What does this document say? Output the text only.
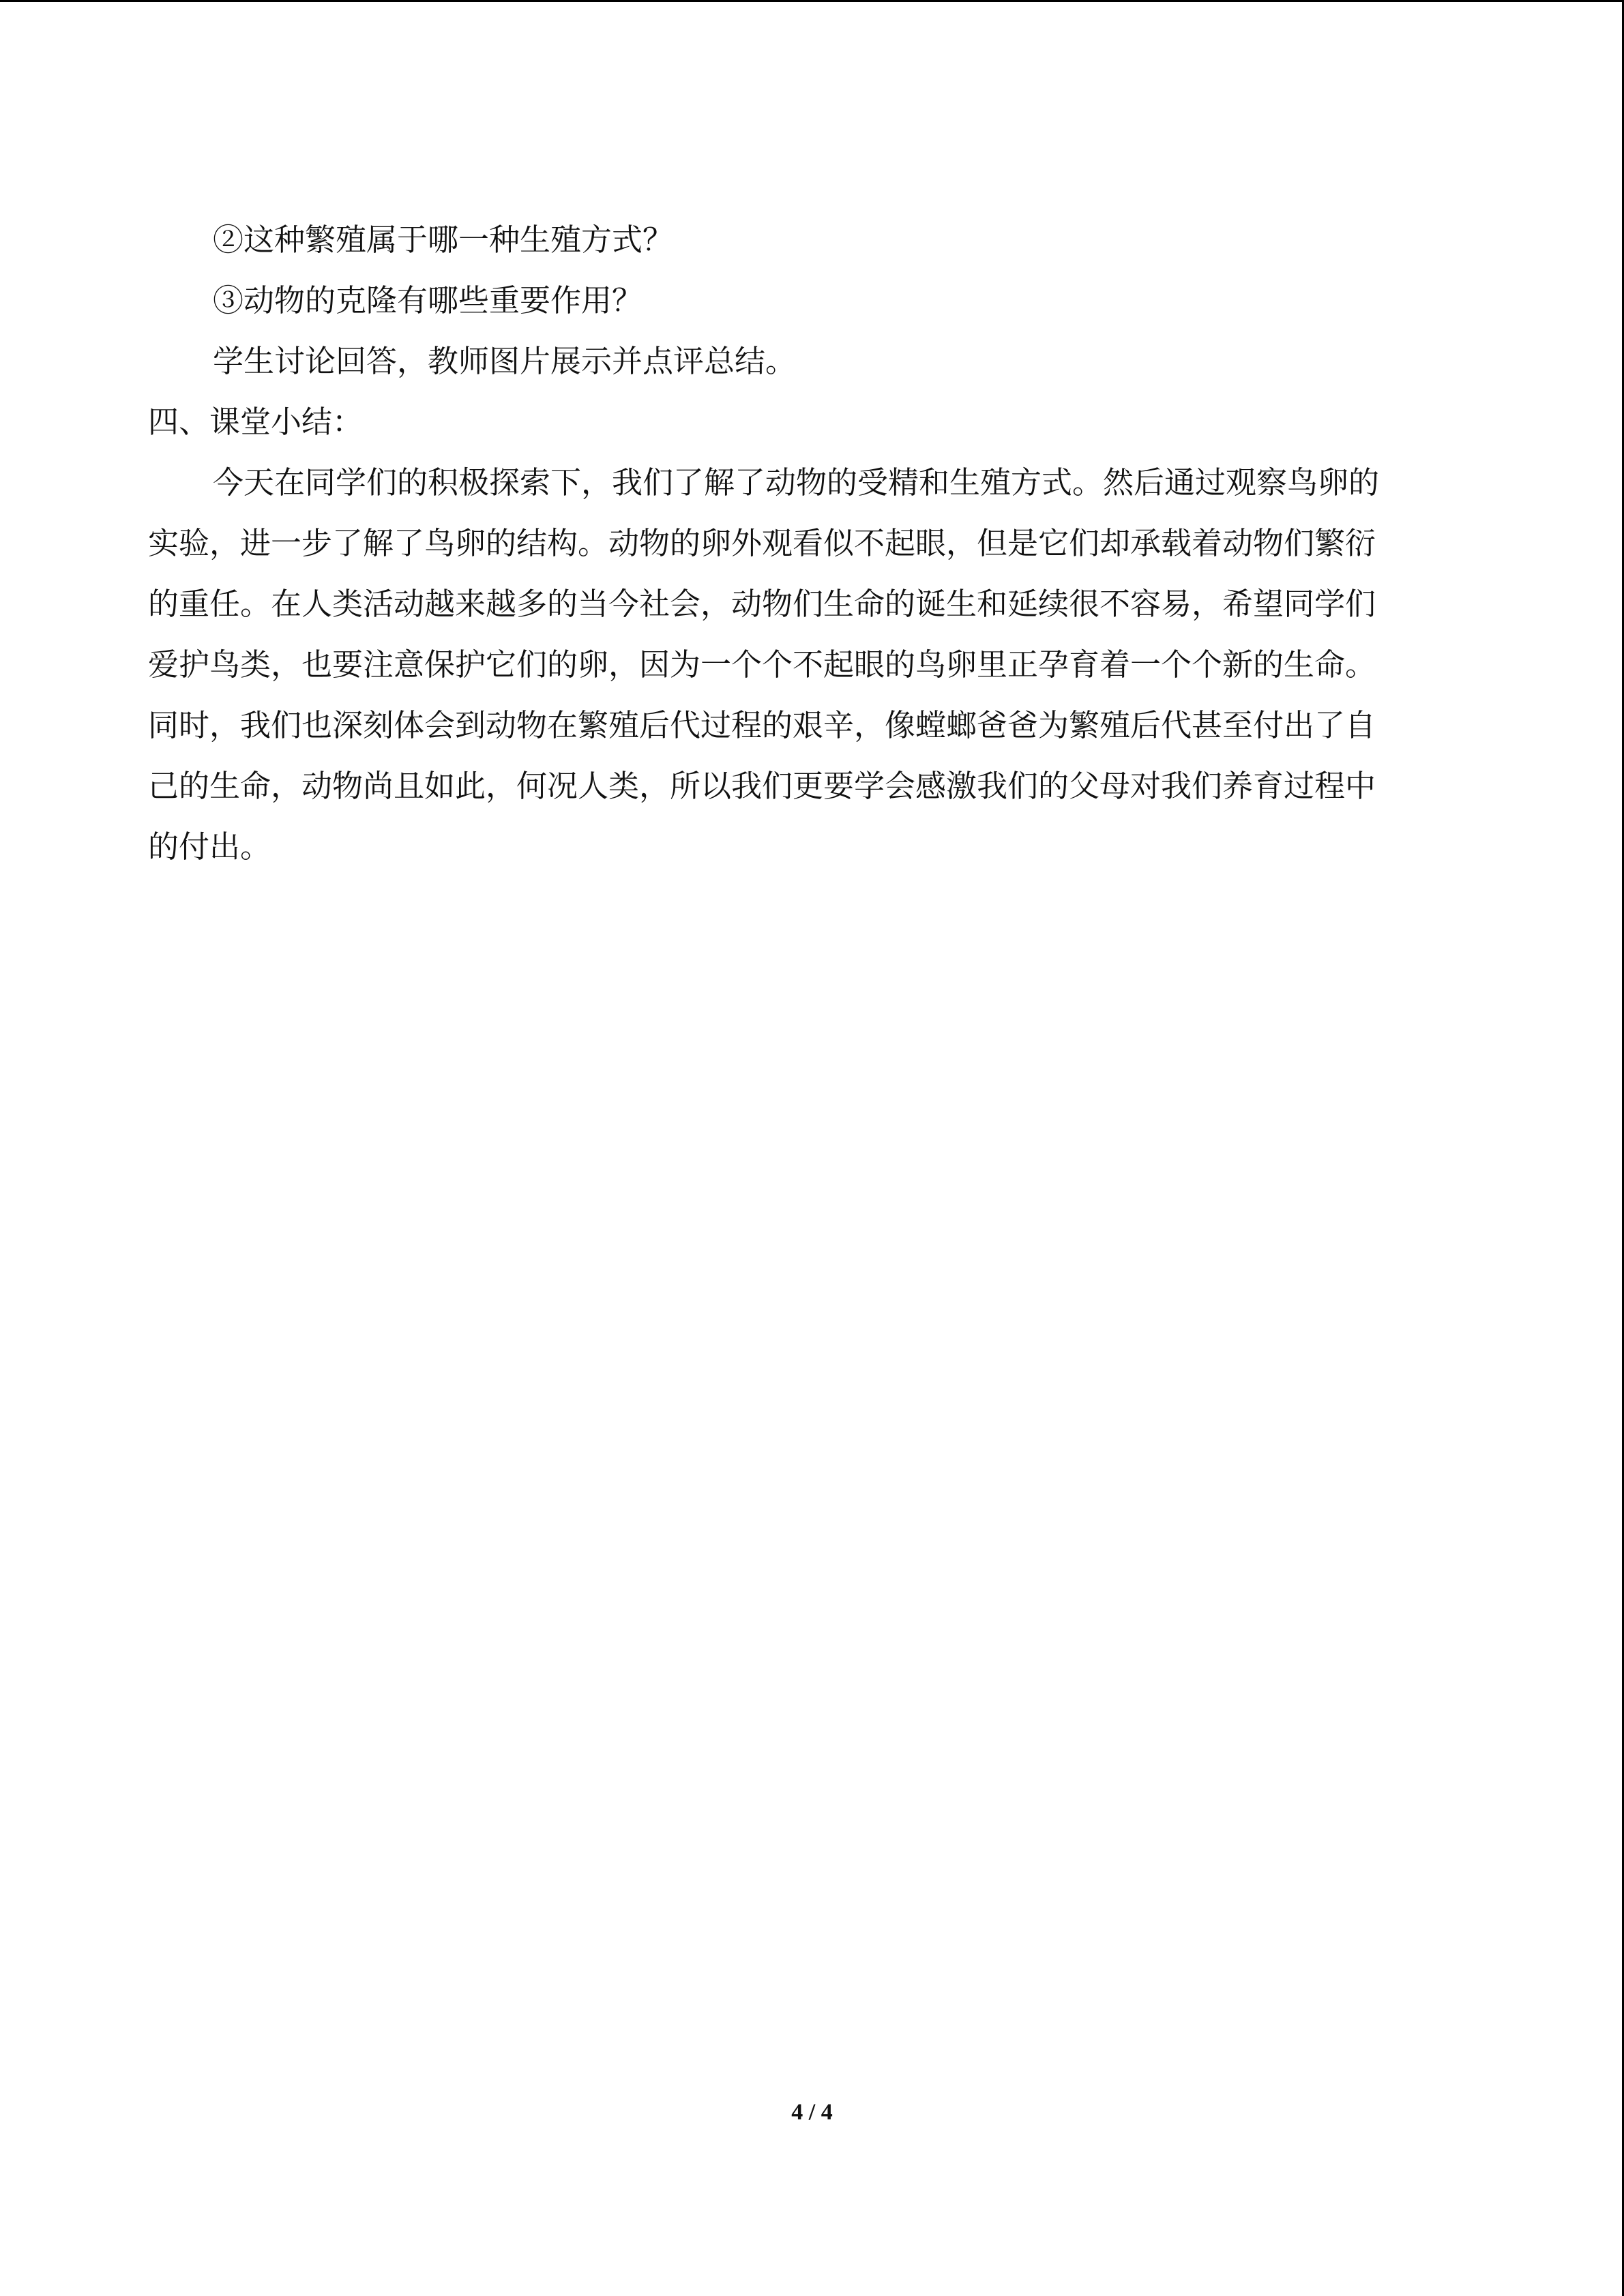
②这种繁殖属于哪一种生殖方式？

③动物的克隆有哪些重要作用？

学生讨论回答，教师图片展示并点评总结。

四、课堂小结：

今天在同学们的积极探索下，我们了解了动物的受精和生殖方式。然后通过观察鸟卵的

实验，进一步了解了鸟卵的结构。动物的卵外观看似不起眼，但是它们却承载着动物们繁衍

的重任。在人类活动越来越多的当今社会，动物们生命的诞生和延续很不容易，希望同学们

爱护鸟类，也要注意保护它们的卵，因为一个个不起眼的鸟卵里正孕育着一个个新的生命。

同时，我们也深刻体会到动物在繁殖后代过程的艰辛，像螳螂爸爸为繁殖后代甚至付出了自

己的生命，动物尚且如此，何况人类，所以我们更要学会感激我们的父母对我们养育过程中

的付出。

4 / 4
